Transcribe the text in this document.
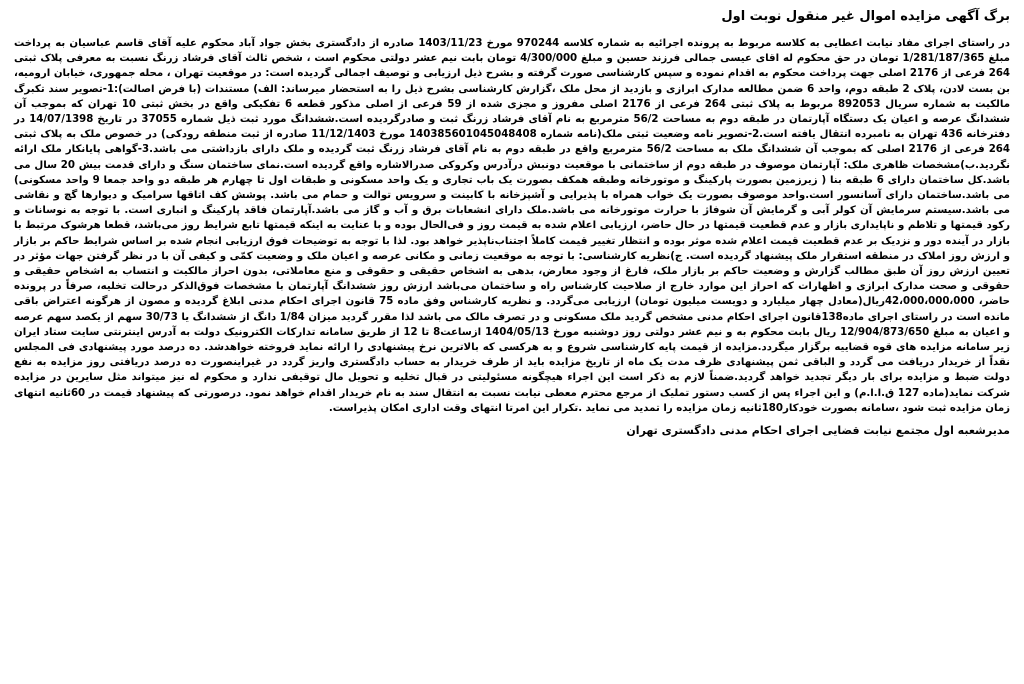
برگ آگهی مزایده اموال غیر منقول نوبت اول
در راستای اجرای مفاد نیابت اعطایی به کلاسه مربوط به پرونده اجرائیه به شماره کلاسه 970244 مورخ 1403/11/23 صادره از دادگستری بخش جواد آباد محکوم علیه آقای قاسم عباسیان به پرداخت مبلغ 1/281/187/365 تومان در حق محکوم له اقای عیسی جمالی فرزند حسین و مبلغ 4/300/000 تومان بابت نیم عشر دولتی محکوم است ، شخص ثالث آقای فرشاد زرنگ نسبت به معرفی پلاک ثبتی 264 فرعی از 2176 اصلی جهت پرداخت محکوم به اقدام نموده و سپس کارشناسی صورت گرفته و بشرح ذیل ارزیابی و توصیف اجمالی گردیده است: در موقعیت تهران ، محله جمهوری، خیابان ارومیه، بن بست لادن، پلاک 2 طبقه دوم، واحد 6 ضمن مطالعه مدارک ابرازی و بازدید از محل ملک ،گزارش کارشناسی بشرح ذیل را به استحضار میرساند: الف) مستندات (با فرض اصالت):1-تصویر سند تکبرگ مالکیت به شماره سریال 892053 مربوط به پلاک ثبتی 264 فرعی از 2176 اصلی مفروز و مجزی شده از 59 فرعی از اصلی مذکور قطعه 6 تفکیکی واقع در بخش ثبتی 10 تهران که بموجب آن ششدانگ عرصه و اعیان یک دستگاه آپارتمان در طبقه دوم به مساحت 56/2 مترمربع به نام آقای فرشاد زرنگ ثبت و صادرگردیده است.ششدانگ مورد ثبت ذیل شماره 37055 در تاریخ 14/07/1398 در دفترخانه 436 تهران به نامبرده انتقال یافته است.2-تصویر نامه وضعیت ثبتی ملک(نامه شماره 140385601045048408 مورخ 11/12/1403 صادره از ثبت منطقه رودکی) در خصوص ملک به پلاک ثبتی 264 فرعی از 2176 اصلی که بموجب آن ششدانگ ملک به مساحت 56/2 مترمربع واقع در طبقه دوم به نام آقای فرشاد زرنگ ثبت گردیده و ملک دارای بازداشتی می باشد.3-گواهی پایانکار ملک ارائه نگردید.ب)مشخصات ظاهری ملک: آپارتمان موصوف در طبقه دوم از ساختمانی با موقعیت دونبش درآدرس وکروکی صدرالاشاره واقع گردیده است.نمای ساختمان سنگ و دارای قدمت بیش 20 سال می باشد.کل ساختمان دارای 6 طبقه بنا ( زیرزمین بصورت پارکینگ و موتورخانه وطبقه همکف بصورت یک باب تجاری و یک واحد مسکونی و طبقات اول تا چهارم هر طبقه دو واحد جمعا 9 واحد مسکونی) می باشد.ساختمان دارای آسانسور است.واحد موصوف بصورت یک خواب همراه با پذیرایی و آشپزخانه با کابینت و سرویس توالت و حمام می باشد. پوشش کف اتاقها سرامیک و دیوارها گچ و نقاشی می باشد.سیستم سرمایش آن کولر آبی و گرمایش آن شوفاژ با حرارت موتورخانه می باشد.ملک دارای انشعابات برق و آب و گاز می باشد.آپارتمان فاقد پارکینگ و انباری است. با توجه به نوسانات و رکود قیمتها و تلاطم و ناپایداری بازار و عدم قطعیت قیمتها در حال حاضر، ارزیابی اعلام شده به قیمت روز و فی‌الحال بوده و با عنایت به اینکه قیمتها تابع شرایط روز می‌باشد، قطعا هرشوک مرتبط با بازار در آینده دور و نزدیک بر عدم قطعیت قیمت اعلام شده موثر بوده و انتظار تغییر قیمت کاملاً اجتناب‌ناپذیر خواهد بود. لذا با توجه به توضیحات فوق ارزیابی انجام شده بر اساس شرایط حاکم بر بازار و ارزش روز املاک در منطقه استقرار ملک پیشنهاد گردیده است. ج)نظریه کارشناسی: با توجه به موقعیت زمانی و مکانی عرصه و اعیان ملک و وضعیت کمّی و کیفی آن با در نظر گرفتن جهات مؤثر در تعیین ارزش روز آن طبق مطالب گزارش و وضعیت حاکم بر بازار ملک، فارغ از وجود معارض، بدهی به اشخاص حقیقی و حقوقی و منع معاملاتی، بدون احراز مالکیت و انتساب به اشخاص حقیقی و حقوقی و صحت مدارک ابرازی و اظهارات که احراز این موارد خارج از صلاحیت کارشناس راه و ساختمان می‌باشد ارزش روز ششدانگ آپارتمان با مشخصات فوق‌الذکر درحالت تخلیه، صرفاً در پرونده حاضر، 42،000،000،000ریال(معادل چهار میلیارد و دویست میلیون تومان) ارزیابی می‌گردد. و نظریه کارشناس وفق ماده 75 قانون اجرای احکام مدنی ابلاغ گردیده و مصون از هرگونه اعتراض باقی مانده است در راستای اجرای ماده138قانون اجرای احکام مدنی مشخص گردید ملک مسکونی و در تصرف مالک می باشد لذا مقرر گردید میزان 1/84 دانگ از ششدانگ یا 30/73 سهم از یکصد سهم عرصه و اعیان به مبلغ 12/904/873/650 ریال بابت محکوم به و نیم عشر دولتی روز دوشنبه مورخ 1404/05/13 ازساعت8 تا 12 از طریق سامانه تدارکات الکترونیک دولت به آدرس اینترنتی سایت ستاد ایران زیر سامانه مزایده های قوه قضاییه برگزار میگردد.مزایده از قیمت پایه کارشناسی شروع و به هرکسی که بالاترین نرخ پیشنهادی را ارائه نماید فروخته خواهدشد. ده درصد مورد پیشنهادی فی المجلس نقداً از خریدار دریافت می گردد و الباقی ثمن پیشنهادی ظرف مدت یک ماه از تاریخ مزایده باید از طرف خریدار به حساب دادگستری واریز گردد در غیراینصورت ده درصد دریافتی روز مزایده به نفع دولت ضبط و مزایده برای بار دیگر تجدید خواهد گردید.ضمناً لازم به ذکر است این اجراء هیچگونه مسئولیتی در قبال تخلیه و تحویل مال توقیفی ندارد و محکوم له نیز میتواند مثل سایرین در مزایده شرکت نماید(ماده 127 ق.ا.ا.م) و این اجراء پس از کسب دستور تملیک از مرجع محترم معطی نیابت نسبت به انتقال سند به نام خریدار اقدام خواهد نمود. درصورتی که پیشنهاد قیمت در 60ثانیه انتهای زمان مزایده ثبت شود ،سامانه بصورت خودکار180ثانیه زمان مزایده را تمدید می نماید .تکرار این امرتا انتهای وقت اداری امکان پذیراست.
مدیرشعبه اول مجتمع نیابت قضایی اجرای احکام مدنی دادگستری تهران
